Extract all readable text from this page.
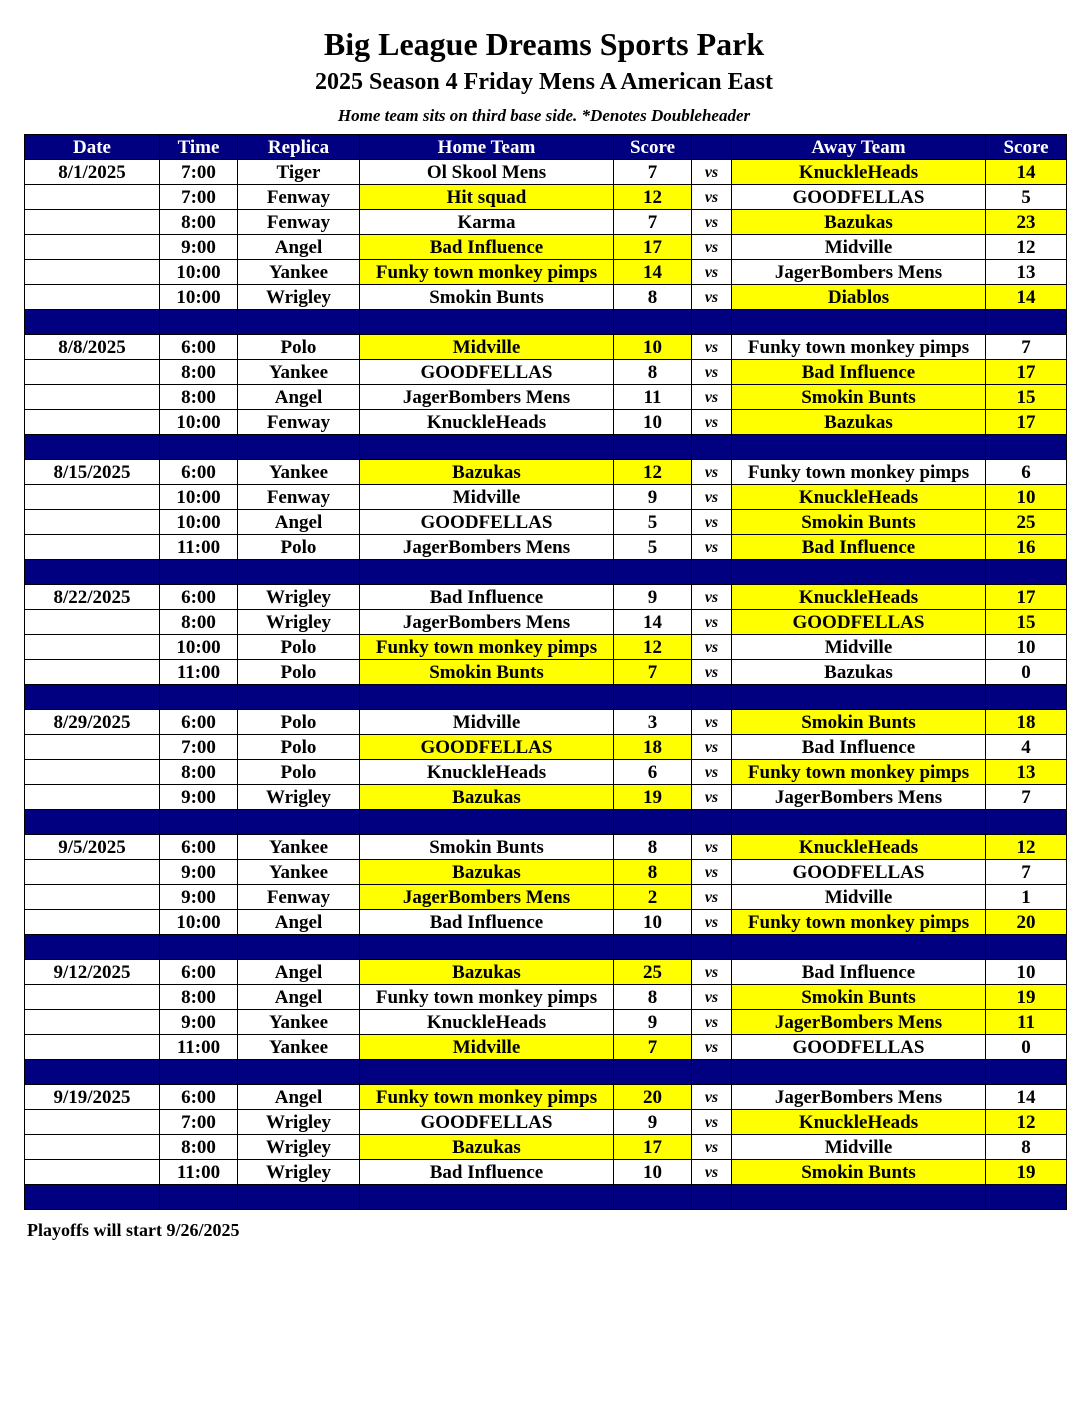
Big League Dreams Sports Park
2025 Season 4 Friday Mens A American East
Home team sits on third base side. *Denotes Doubleheader
Date	Time	Replica	Home Team	Score		Away Team	Score
8/1/2025	7:00	Tiger	Ol Skool Mens	7	vs	KnuckleHeads	14
	7:00	Fenway	Hit squad	12	vs	GOODFELLAS	5
	8:00	Fenway	Karma	7	vs	Bazukas	23
	9:00	Angel	Bad Influence	17	vs	Midville	12
	10:00	Yankee	Funky town monkey pimps	14	vs	JagerBombers Mens	13
	10:00	Wrigley	Smokin Bunts	8	vs	Diablos	14

8/8/2025	6:00	Polo	Midville	10	vs	Funky town monkey pimps	7
	8:00	Yankee	GOODFELLAS	8	vs	Bad Influence	17
	8:00	Angel	JagerBombers Mens	11	vs	Smokin Bunts	15
	10:00	Fenway	KnuckleHeads	10	vs	Bazukas	17

8/15/2025	6:00	Yankee	Bazukas	12	vs	Funky town monkey pimps	6
	10:00	Fenway	Midville	9	vs	KnuckleHeads	10
	10:00	Angel	GOODFELLAS	5	vs	Smokin Bunts	25
	11:00	Polo	JagerBombers Mens	5	vs	Bad Influence	16

8/22/2025	6:00	Wrigley	Bad Influence	9	vs	KnuckleHeads	17
	8:00	Wrigley	JagerBombers Mens	14	vs	GOODFELLAS	15
	10:00	Polo	Funky town monkey pimps	12	vs	Midville	10
	11:00	Polo	Smokin Bunts	7	vs	Bazukas	0

8/29/2025	6:00	Polo	Midville	3	vs	Smokin Bunts	18
	7:00	Polo	GOODFELLAS	18	vs	Bad Influence	4
	8:00	Polo	KnuckleHeads	6	vs	Funky town monkey pimps	13
	9:00	Wrigley	Bazukas	19	vs	JagerBombers Mens	7

9/5/2025	6:00	Yankee	Smokin Bunts	8	vs	KnuckleHeads	12
	9:00	Yankee	Bazukas	8	vs	GOODFELLAS	7
	9:00	Fenway	JagerBombers Mens	2	vs	Midville	1
	10:00	Angel	Bad Influence	10	vs	Funky town monkey pimps	20

9/12/2025	6:00	Angel	Bazukas	25	vs	Bad Influence	10
	8:00	Angel	Funky town monkey pimps	8	vs	Smokin Bunts	19
	9:00	Yankee	KnuckleHeads	9	vs	JagerBombers Mens	11
	11:00	Yankee	Midville	7	vs	GOODFELLAS	0

9/19/2025	6:00	Angel	Funky town monkey pimps	20	vs	JagerBombers Mens	14
	7:00	Wrigley	GOODFELLAS	9	vs	KnuckleHeads	12
	8:00	Wrigley	Bazukas	17	vs	Midville	8
	11:00	Wrigley	Bad Influence	10	vs	Smokin Bunts	19

Playoffs will start 9/26/2025
